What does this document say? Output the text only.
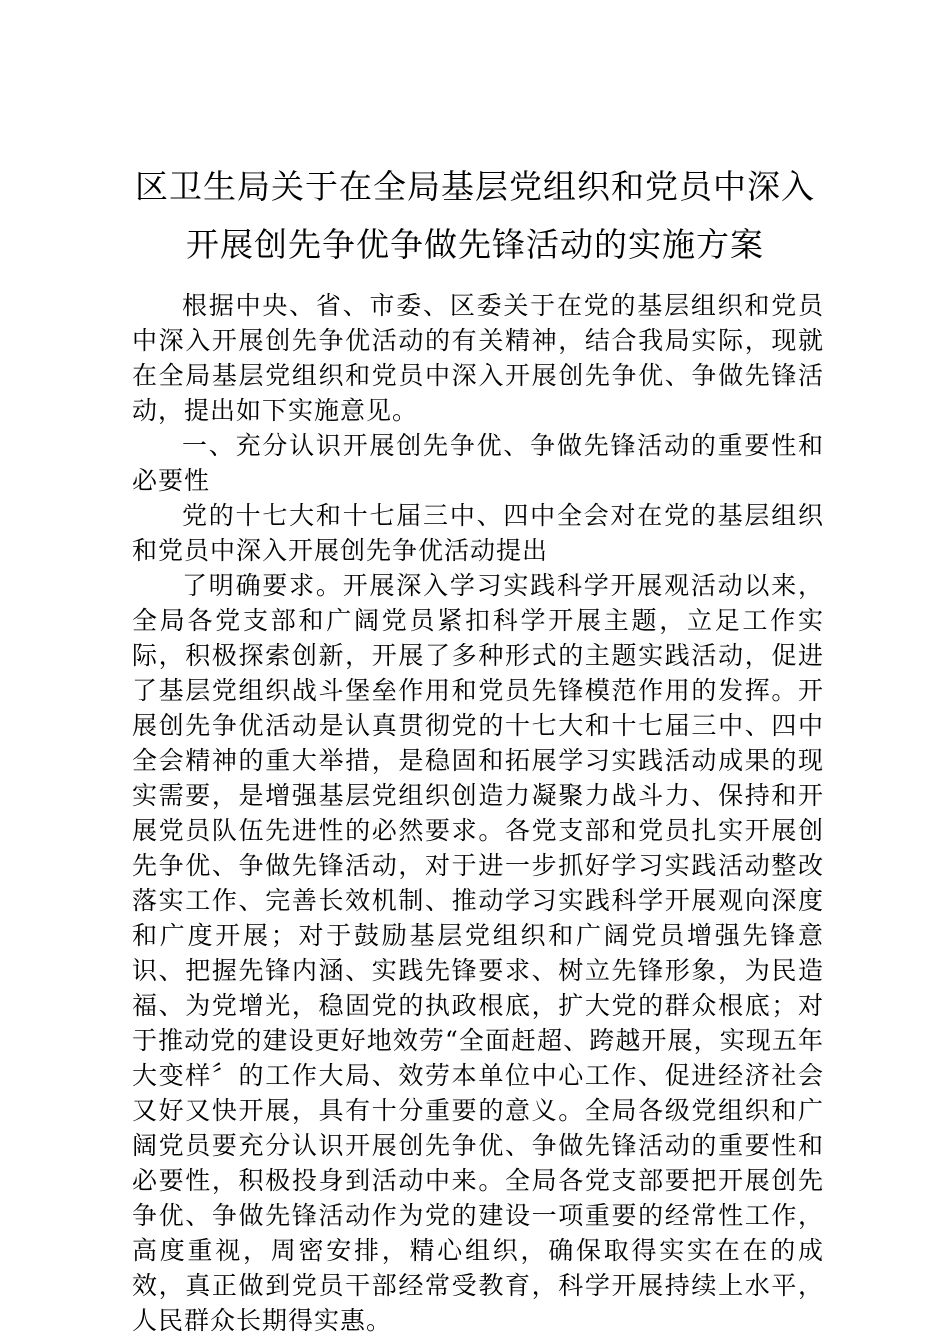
区卫生局关于在全局基层党组织和党员中深入
开展创先争优争做先锋活动的实施方案

根据中央、省、市委、区委关于在党的基层组织和党员中深入开展创先争优活动的有关精神，结合我局实际，现就在全局基层党组织和党员中深入开展创先争优、争做先锋活动，提出如下实施意见。

一、充分认识开展创先争优、争做先锋活动的重要性和必要性

党的十七大和十七届三中、四中全会对在党的基层组织和党员中深入开展创先争优活动提出

了明确要求。开展深入学习实践科学开展观活动以来，全局各党支部和广阔党员紧扣科学开展主题，立足工作实际，积极探索创新，开展了多种形式的主题实践活动，促进了基层党组织战斗堡垒作用和党员先锋模范作用的发挥。开展创先争优活动是认真贯彻党的十七大和十七届三中、四中全会精神的重大举措，是稳固和拓展学习实践活动成果的现实需要，是增强基层党组织创造力凝聚力战斗力、保持和开展党员队伍先进性的必然要求。各党支部和党员扎实开展创先争优、争做先锋活动，对于进一步抓好学习实践活动整改落实工作、完善长效机制、推动学习实践科学开展观向深度和广度开展；对于鼓励基层党组织和广阔党员增强先锋意识、把握先锋内涵、实践先锋要求、树立先锋形象，为民造福、为党增光，稳固党的执政根底，扩大党的群众根底；对于推动党的建设更好地效劳“全面赶超、跨越开展，实现五年大变样〞的工作大局、效劳本单位中心工作、促进经济社会又好又快开展，具有十分重要的意义。全局各级党组织和广阔党员要充分认识开展创先争优、争做先锋活动的重要性和必要性，积极投身到活动中来。全局各党支部要把开展创先争优、争做先锋活动作为党的建设一项重要的经常性工作，高度重视，周密安排，精心组织，确保取得实实在在的成效，真正做到党员干部经常受教育，科学开展持续上水平，人民群众长期得实惠。
